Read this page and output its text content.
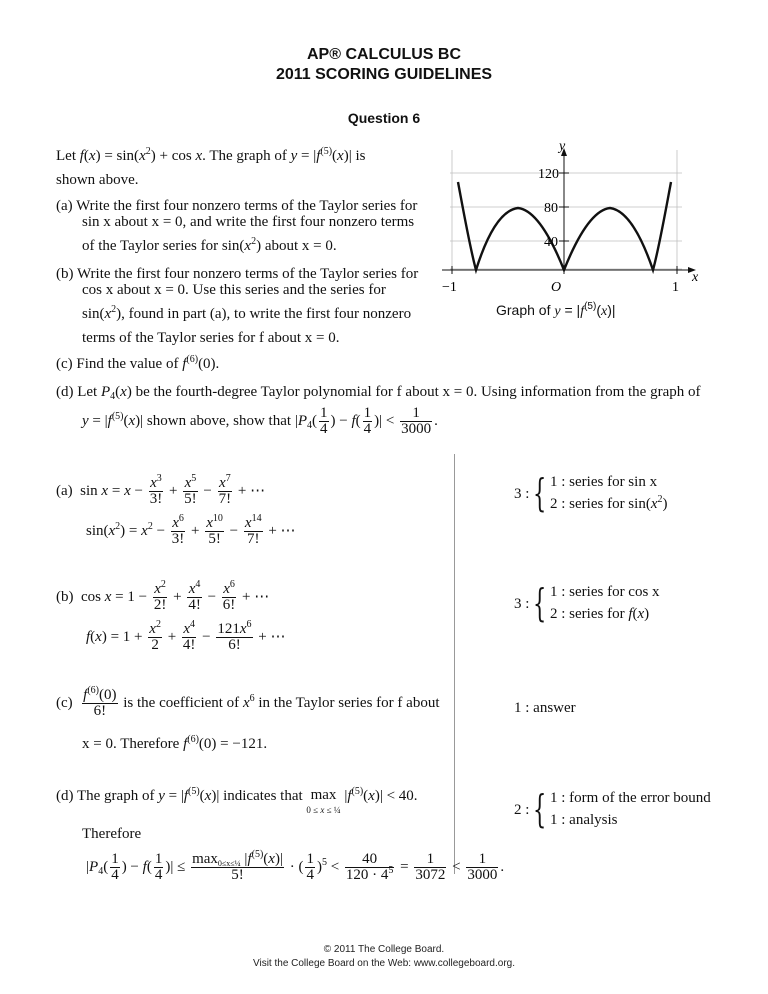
AP® CALCULUS BC
2011 SCORING GUIDELINES
Question 6
Let $f(x) = \sin(x^2) + \cos x$. The graph of $y = |f^{(5)}(x)|$ is
shown above.
(a) Write the first four nonzero terms of the Taylor series for
sin x about x = 0, and write the first four nonzero terms
of the Taylor series for $\sin(x^2)$ about x = 0.
(b) Write the first four nonzero terms of the Taylor series for
cos x about x = 0. Use this series and the series for
$\sin(x^2)$, found in part (a), to write the first four nonzero
terms of the Taylor series for f about x = 0.
(c) Find the value of $f^{(6)}(0)$.
(d) Let $P_4(x)$ be the fourth-degree Taylor polynomial for f about x = 0. Using information from the graph of
$y = |f^{(5)}(x)|$ shown above, show that $|P_4( \frac{1}{4}$ ) − $f( \frac{1}{4}$ )| < $\frac{1}{3000}$ .
120
80
40
−1	1
O
y
x
Graph of $y = |f^{(5)}(x)|$
(a)  $\sin x = x - \frac{x^3}{3!} + \frac{x^5}{5!} - \frac{x^7}{7!}$ + ⋯
$\sin(x^2) = x^2 - \frac{x^6}{3!} + \frac{x^{10}}{5!} - \frac{x^{14}}{7!}$ + ⋯
(b)  $\cos x = 1 - \frac{x^2}{2!} + \frac{x^4}{4!} - \frac{x^6}{6!}$ + ⋯
$f(x) = 1 + \frac{x^2}{2} + \frac{x^4}{4!} - \frac{121x^6}{6!}$ + ⋯
$(c) \frac{f^{(6)}(0)}{6!}$ is the coefficient of $x^6$ in the Taylor series for f about
x = 0. Therefore $f^{(6)}(0) = -121$.
(d) The graph of $y = |f^{(5)}(x)|$ indicates that max
0 ≤ x ≤ ¼ $|f^{(5)}(x)| < 40$.
Therefore
$|P_4( \frac{1}{4}$ ) − $f( \frac{1}{4}$ )| ≤ $\frac{\max_{0\le x\le\frac{1}{4}} |f^{(5)}(x)|}{5!}$ · ( $\frac{1}{4} )^5 < \frac{40}{120 \cdot 4^5} = \frac{1}{3072} < \frac{1}{3000}$ .
3 : { 1 : series for sin x
2 : series for $\sin(x^2)$
3 : { 1 : series for cos x
2 : series for f(x)
1 : answer
2 : { 1 : form of the error bound
1 : analysis
© 2011 The College Board.
Visit the College Board on the Web: www.collegeboard.org.
